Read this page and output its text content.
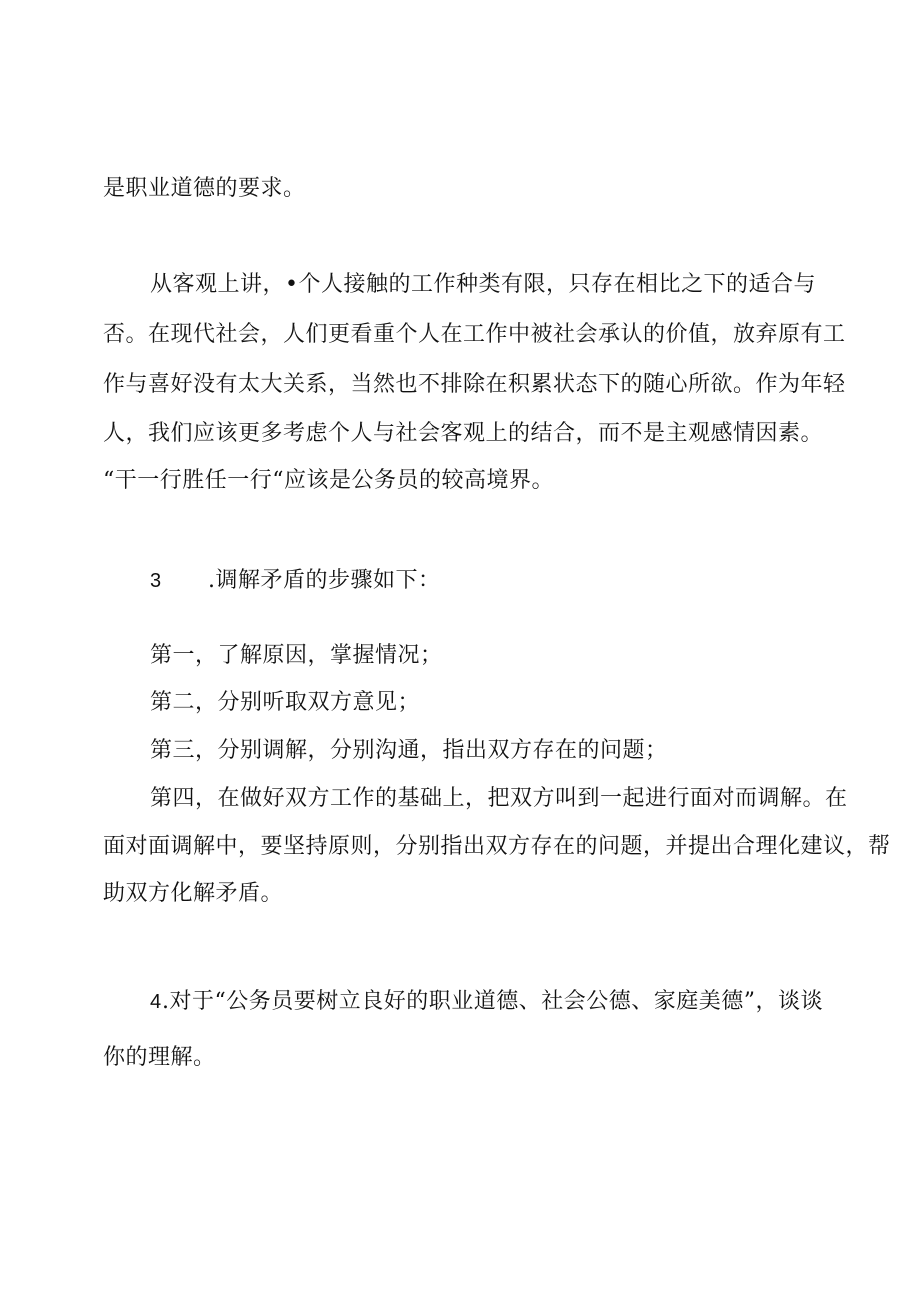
是职业道德的要求。
从客观上讲，•个人接触的工作种类有限，只存在相比之下的适合与
否。在现代社会，人们更看重个人在工作中被社会承认的价值，放弃原有工
作与喜好没有太大关系，当然也不排除在积累状态下的随心所欲。作为年轻
人，我们应该更多考虑个人与社会客观上的结合，而不是主观感情因素。
“干一行胜任一行“应该是公务员的较高境界。
3 .调解矛盾的步骤如下：
第一，了解原因，掌握情况；
第二，分别听取双方意见；
第三，分别调解，分别沟通，指出双方存在的问题；
第四，在做好双方工作的基础上，把双方叫到一起进行面对而调解。在
面对面调解中，要坚持原则，分别指出双方存在的问题，并提出合理化建议，帮
助双方化解矛盾。
4 .对于“公务员要树立良好的职业道德、社会公德、家庭美德”，谈谈
你的理解。
